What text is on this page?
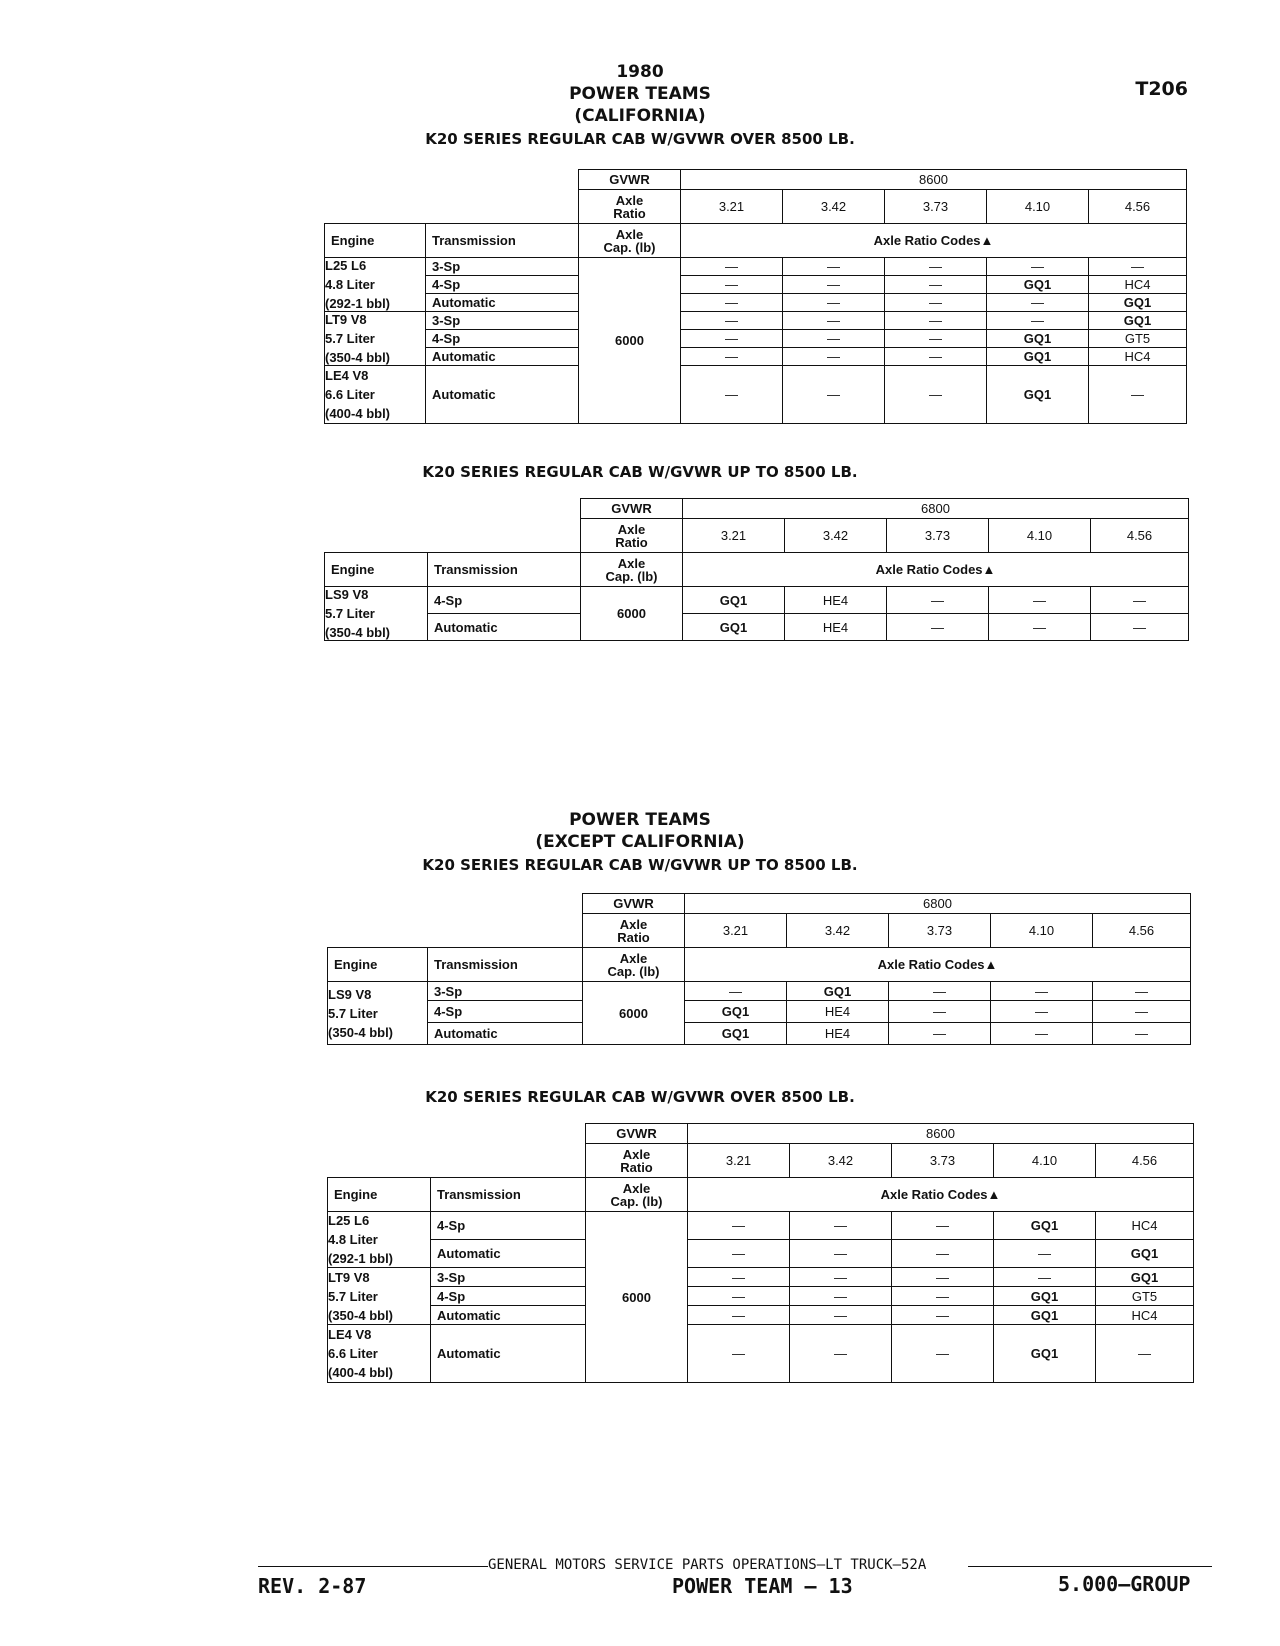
1980
POWER TEAMS
(CALIFORNIA)
T206
K20 SERIES REGULAR CAB W/GVWR OVER 8500 LB.
K20 SERIES REGULAR CAB W/GVWR UP TO 8500 LB.
POWER TEAMS
(EXCEPT CALIFORNIA)
K20 SERIES REGULAR CAB W/GVWR UP TO 8500 LB.
K20 SERIES REGULAR CAB W/GVWR OVER 8500 LB.
GVWR	8600
Axle
Ratio	3.21	3.42	3.73	4.10	4.56
Engine	Transmission	Axle
Cap. (lb)	Axle Ratio Codes▲
6000
L25 L6
4.8 Liter
(292-1 bbl)
3-Sp	—	—	—	—	—
4-Sp	—	—	—	GQ1	HC4
Automatic	—	—	—	—	GQ1
LT9 V8
5.7 Liter
(350-4 bbl)
3-Sp	—	—	—	—	GQ1
4-Sp	—	—	—	GQ1	GT5
Automatic	—	—	—	GQ1	HC4
LE4 V8
6.6 Liter
(400-4 bbl)
Automatic	—	—	—	GQ1	—
GVWR	6800
Axle
Ratio	3.21	3.42	3.73	4.10	4.56
Engine	Transmission	Axle
Cap. (lb)	Axle Ratio Codes▲
6000
LS9 V8
5.7 Liter
(350-4 bbl)
4-Sp	GQ1	HE4	—	—	—
Automatic	GQ1	HE4	—	—	—
GVWR	6800
Axle
Ratio	3.21	3.42	3.73	4.10	4.56
Engine	Transmission	Axle
Cap. (lb)	Axle Ratio Codes▲
6000
LS9 V8
5.7 Liter
(350-4 bbl)
3-Sp	—	GQ1	—	—	—
4-Sp	GQ1	HE4	—	—	—
Automatic	GQ1	HE4	—	—	—
GVWR	8600
Axle
Ratio	3.21	3.42	3.73	4.10	4.56
Engine	Transmission	Axle
Cap. (lb)	Axle Ratio Codes▲
6000
L25 L6
4.8 Liter
(292-1 bbl)
4-Sp	—	—	—	GQ1	HC4
Automatic	—	—	—	—	GQ1
LT9 V8
5.7 Liter
(350-4 bbl)
3-Sp	—	—	—	—	GQ1
4-Sp	—	—	—	GQ1	GT5
Automatic	—	—	—	GQ1	HC4
LE4 V8
6.6 Liter
(400-4 bbl)
Automatic	—	—	—	GQ1	—
GENERAL MOTORS SERVICE PARTS OPERATIONS—LT TRUCK—52A
REV. 2-87	POWER TEAM — 13	5.000—GROUP
